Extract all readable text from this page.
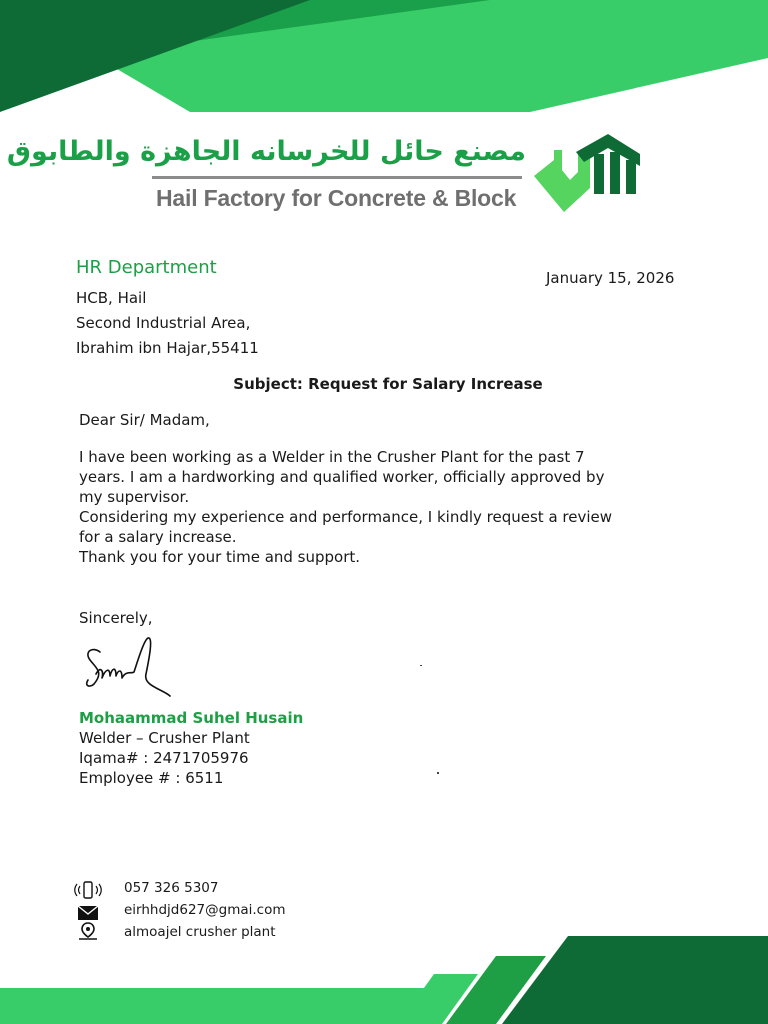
مصنع حائل للخرسانه الجاهزة والطابوق
Hail Factory for Concrete & Block
HR Department	January 15, 2026
HCB, Hail
Second Industrial Area,
Ibrahim ibn Hajar,55411
Subject: Request for Salary Increase
Dear Sir/ Madam,
I have been working as a Welder in the Crusher Plant for the past 7
years. I am a hardworking and qualified worker, officially approved by
my supervisor.
Considering my experience and performance, I kindly request a review
for a salary increase.
Thank you for your time and support.
Sincerely,
Mohaammad Suhel Husain
Welder – Crusher Plant
Iqama# : 2471705976
Employee # : 6511
057 326 5307
eirhhdjd627@gmai.com
almoajel crusher plant
